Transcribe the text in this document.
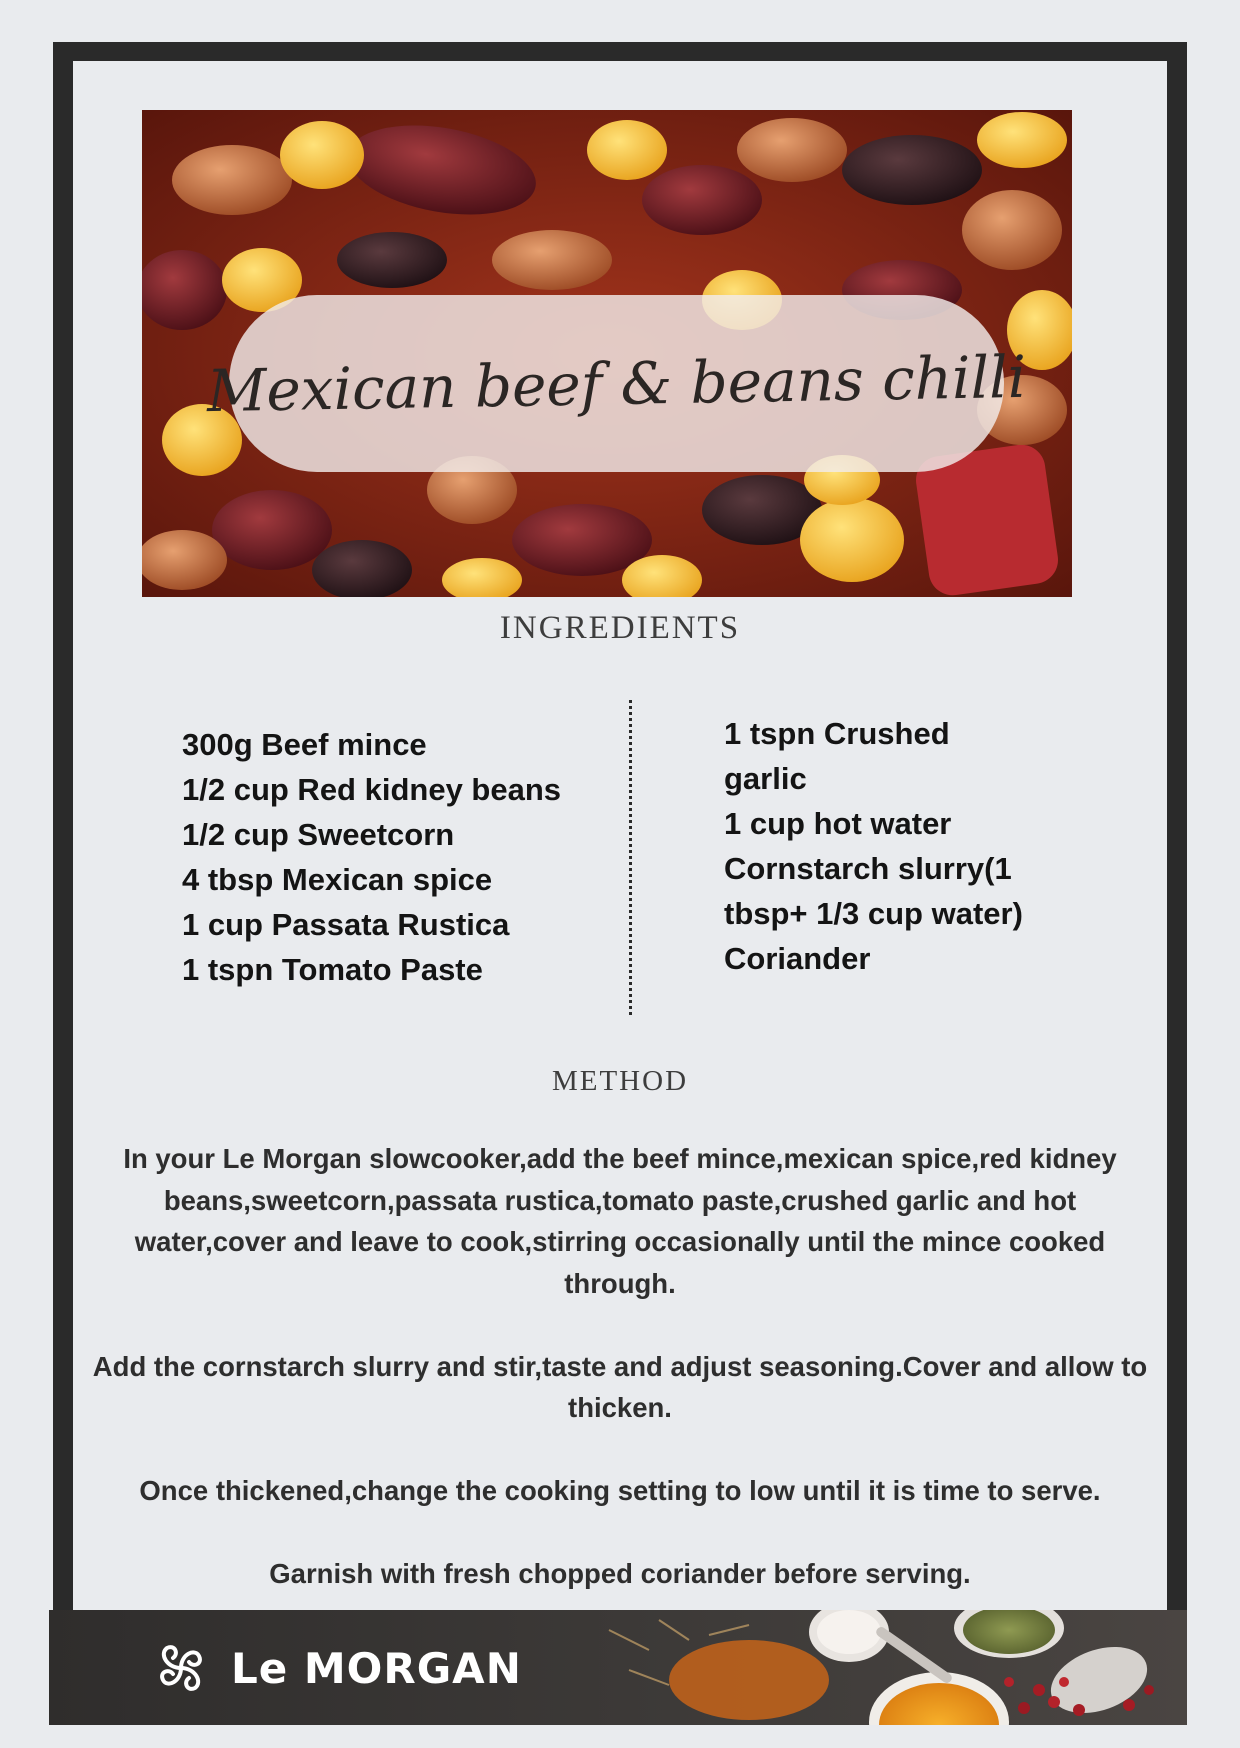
Mexican beef & beans chilli
INGREDIENTS
300g Beef mince
1/2 cup Red kidney beans
1/2 cup Sweetcorn
4 tbsp Mexican spice
1 cup Passata Rustica
1 tspn Tomato Paste
1 tspn Crushed
garlic
1 cup hot water
Cornstarch slurry(1
tbsp+ 1/3 cup water)
Coriander
METHOD

In your Le Morgan slowcooker,add the beef mince,mexican spice,red kidney beans,sweetcorn,passata rustica,tomato paste,crushed garlic and hot water,cover and leave to cook,stirring occasionally until the mince cooked through.

Add the cornstarch slurry and stir,taste and adjust seasoning.Cover and allow to thicken.

Once thickened,change the cooking setting to low until it is time to serve.

Garnish with fresh chopped coriander before serving.

Le MORGAN
